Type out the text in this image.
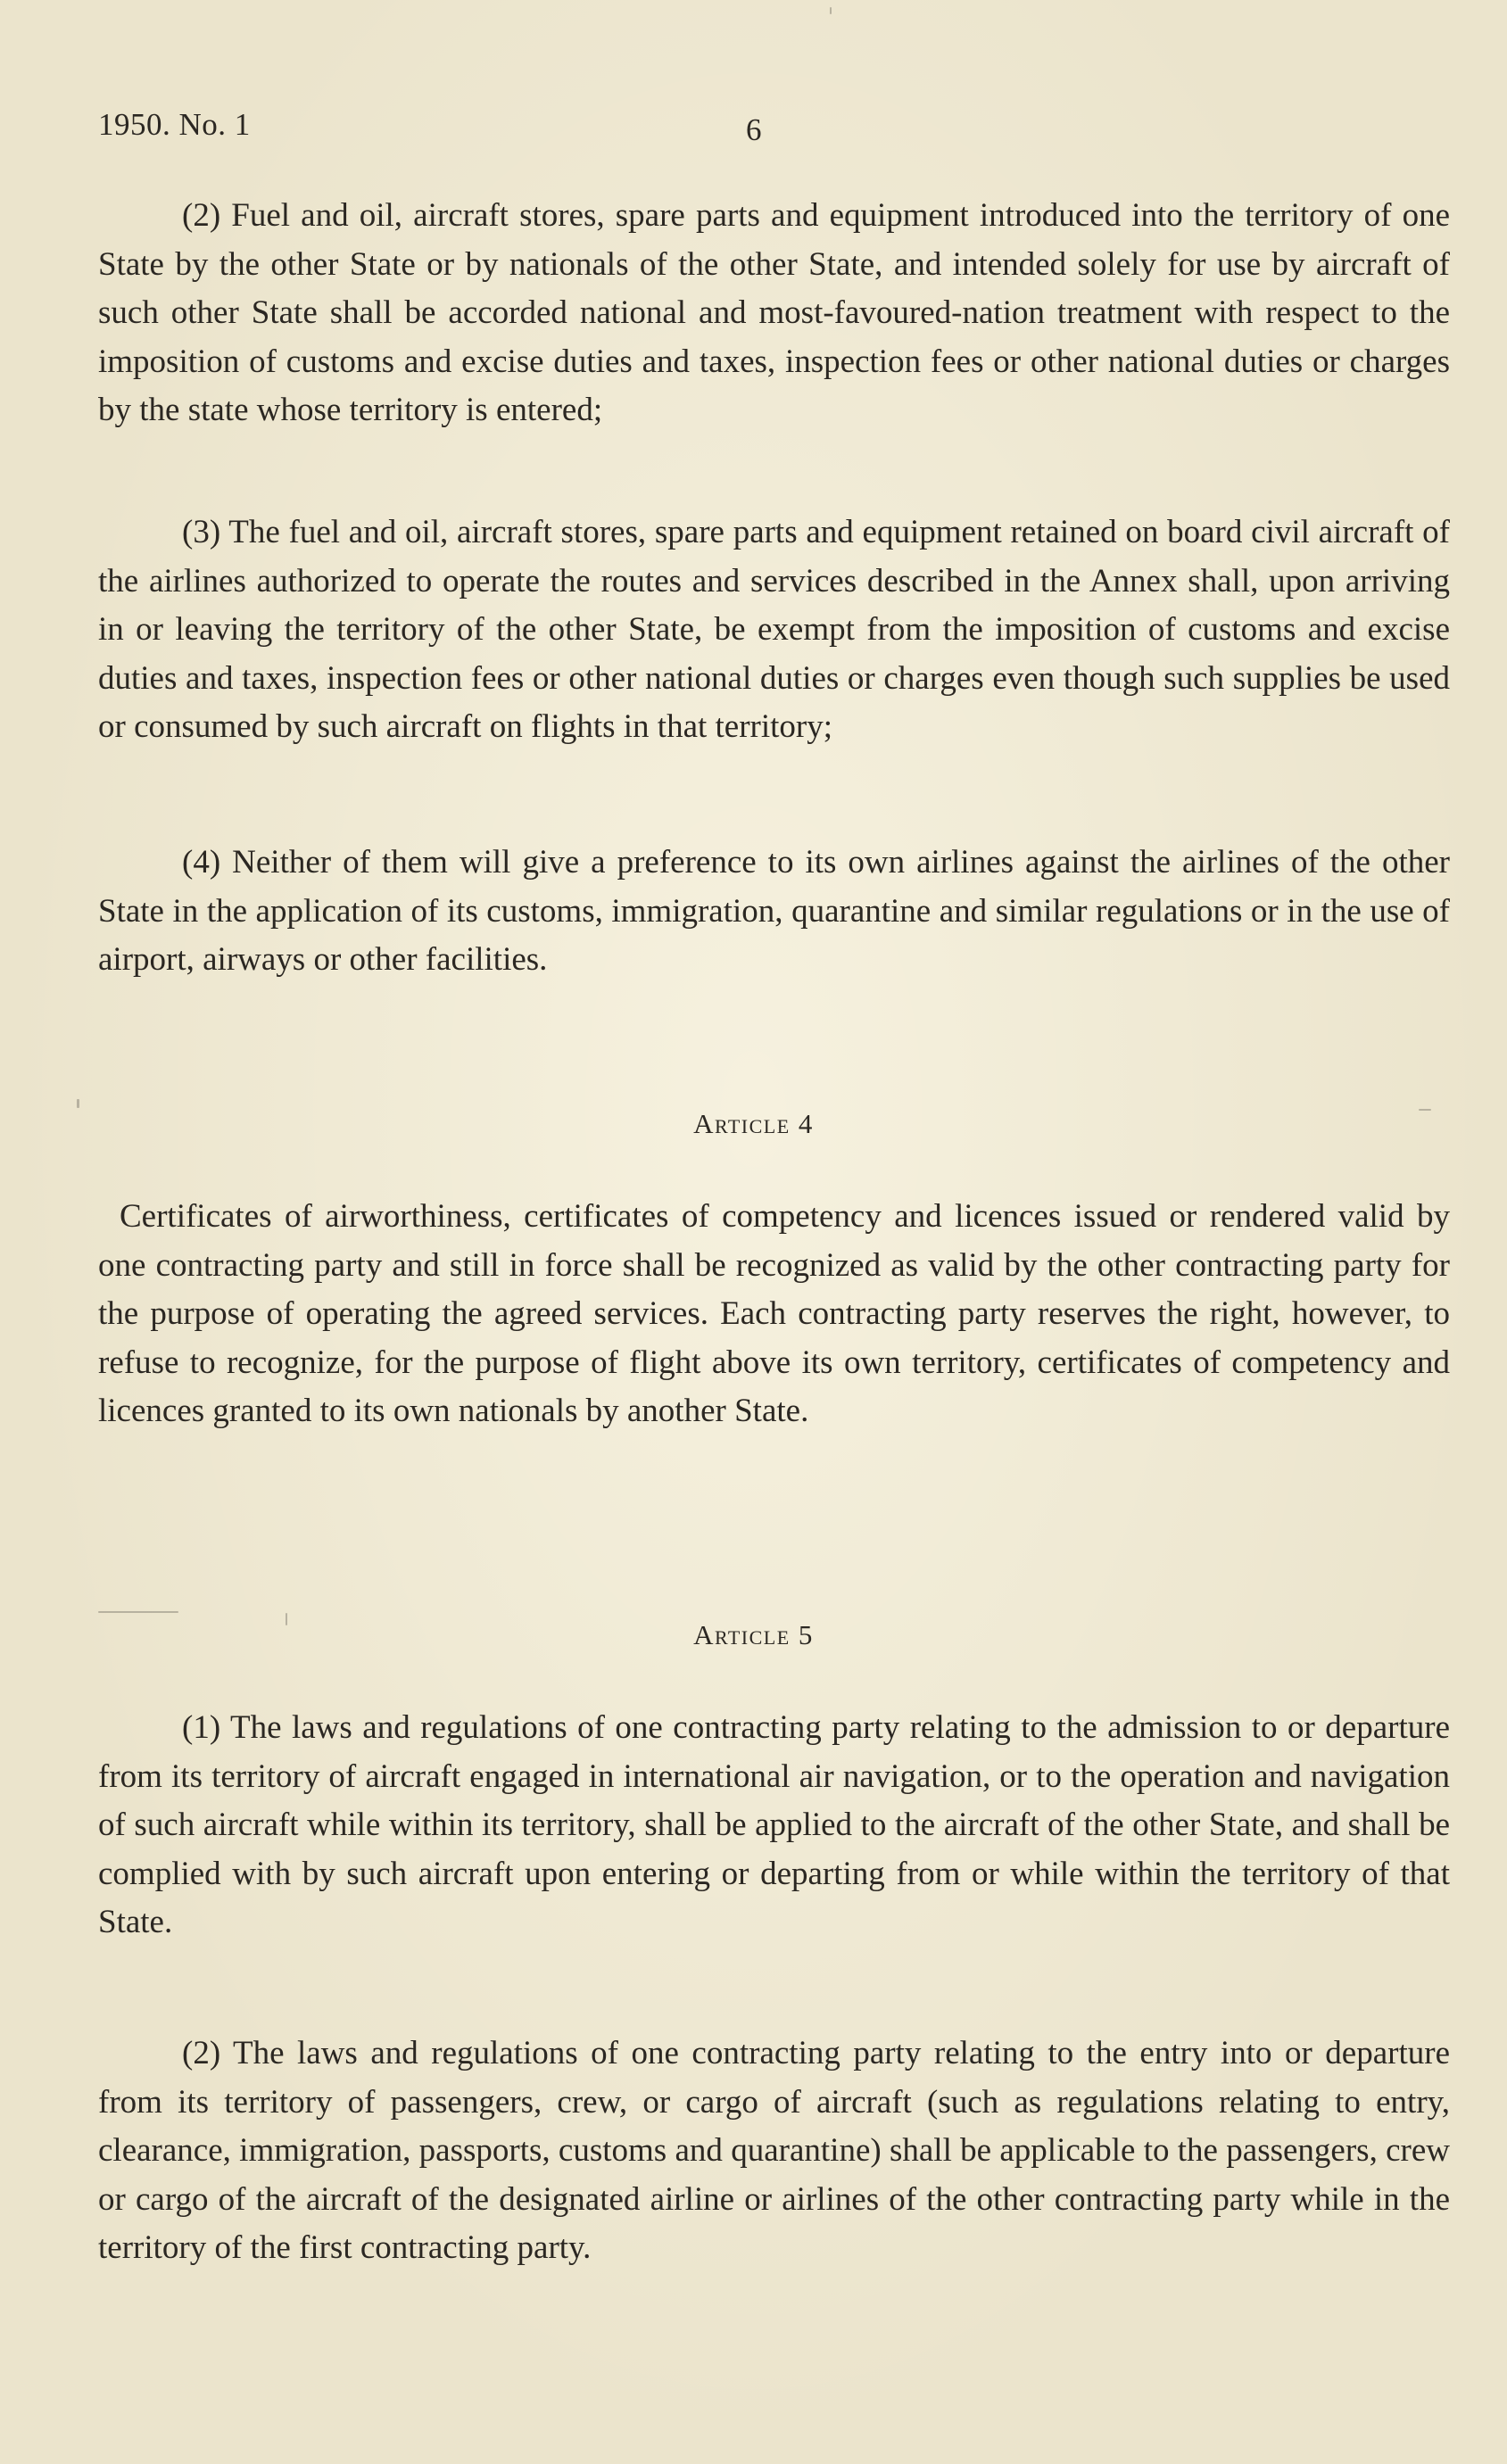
1950. No. 1	6

(2) Fuel and oil, aircraft stores, spare parts and equipment introduced into the territory of one State by the other State or by nationals of the other State, and intended solely for use by aircraft of such other State shall be accorded national and most-favoured-nation treatment with respect to the imposition of customs and excise duties and taxes, inspection fees or other national duties or charges by the state whose territory is entered;

(3) The fuel and oil, aircraft stores, spare parts and equipment retained on board civil aircraft of the airlines authorized to operate the routes and services described in the Annex shall, upon arriving in or leaving the territory of the other State, be exempt from the imposition of customs and excise duties and taxes, inspection fees or other national duties or charges even though such supplies be used or consumed by such aircraft on flights in that territory;

(4) Neither of them will give a preference to its own airlines against the airlines of the other State in the application of its customs, immigration, quarantine and similar regulations or in the use of airport, airways or other facilities.

Article 4

Certificates of airworthiness, certificates of competency and licences issued or rendered valid by one contracting party and still in force shall be recognized as valid by the other contracting party for the purpose of operating the agreed services. Each contracting party reserves the right, however, to refuse to recognize, for the purpose of flight above its own territory, certificates of competency and licences granted to its own nationals by another State.

Article 5

(1) The laws and regulations of one contracting party relating to the admission to or departure from its territory of aircraft engaged in international air navigation, or to the operation and navigation of such aircraft while within its territory, shall be applied to the aircraft of the other State, and shall be complied with by such aircraft upon entering or departing from or while within the territory of that State.

(2) The laws and regulations of one contracting party relating to the entry into or departure from its territory of passengers, crew, or cargo of aircraft (such as regulations relating to entry, clearance, immigration, passports, customs and quarantine) shall be applicable to the passengers, crew or cargo of the aircraft of the designated airline or airlines of the other contracting party while in the territory of the first contracting party.
